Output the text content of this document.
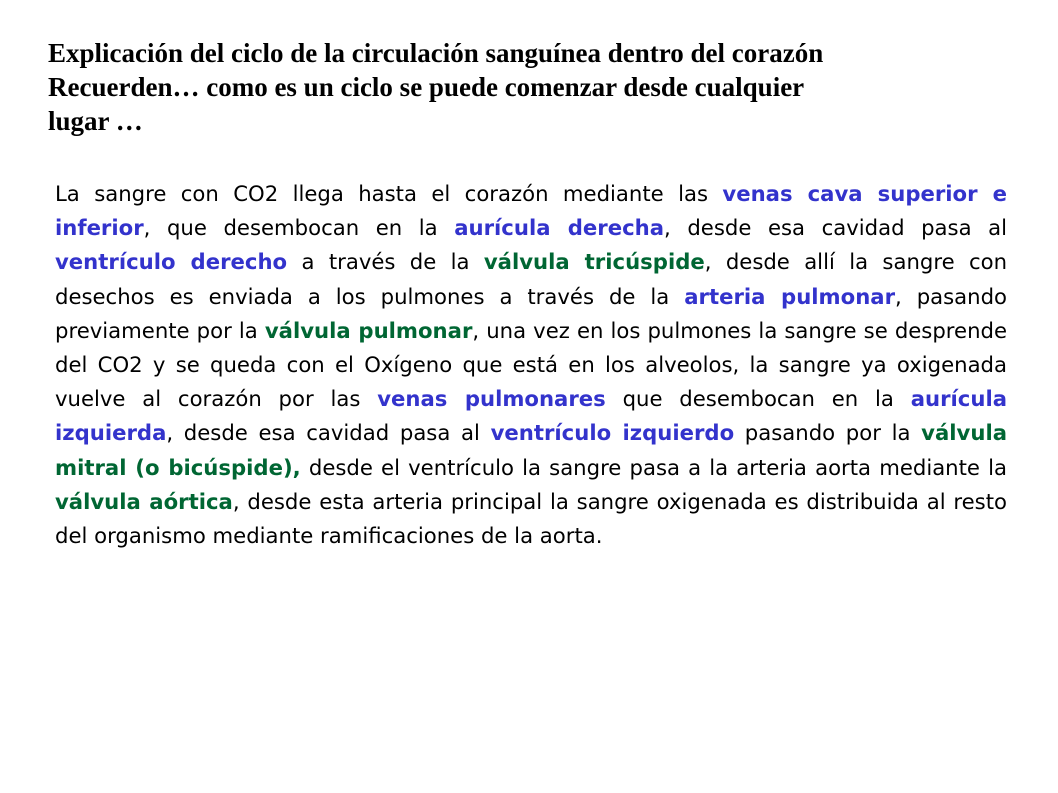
Explicación del ciclo de la circulación sanguínea dentro del corazón
Recuerden… como es un ciclo se puede comenzar desde cualquier
lugar …

La sangre con CO2 llega hasta el corazón mediante las venas cava superior e inferior, que desembocan en la aurícula derecha, desde esa cavidad pasa al ventrículo derecho a través de la válvula tricúspide, desde allí la sangre con desechos es enviada a los pulmones a través de la arteria pulmonar, pasando previamente por la válvula pulmonar, una vez en los pulmones la sangre se desprende del CO2 y se queda con el Oxígeno que está en los alveolos, la sangre ya oxigenada vuelve al corazón por las venas pulmonares que desembocan en la aurícula izquierda, desde esa cavidad pasa al ventrículo izquierdo pasando por la válvula mitral (o bicúspide), desde el ventrículo la sangre pasa a la arteria aorta mediante la válvula aórtica, desde esta arteria principal la sangre oxigenada es distribuida al resto del organismo mediante ramificaciones de la aorta.
